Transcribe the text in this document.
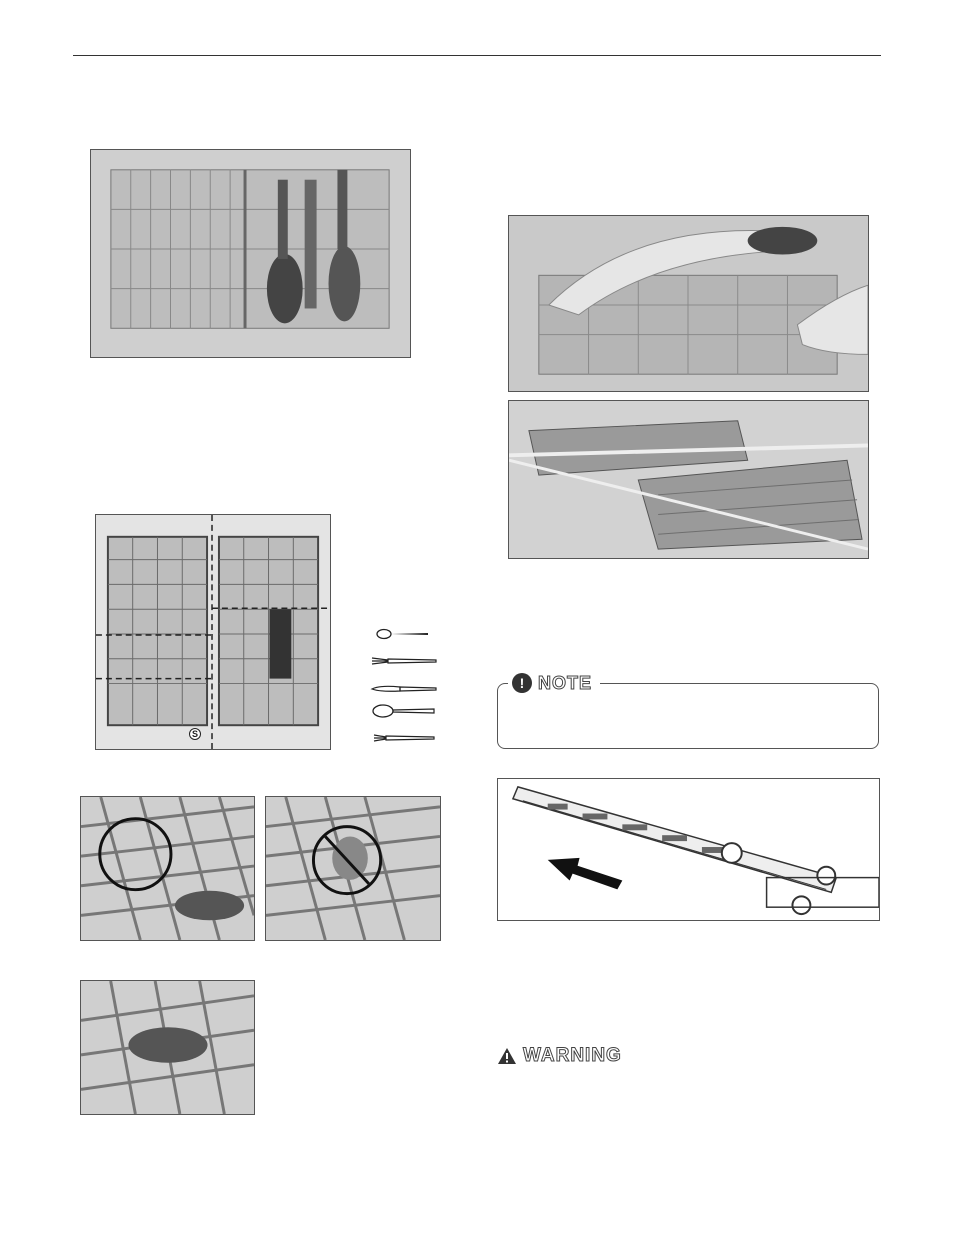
S
! NOTE
WARNING
